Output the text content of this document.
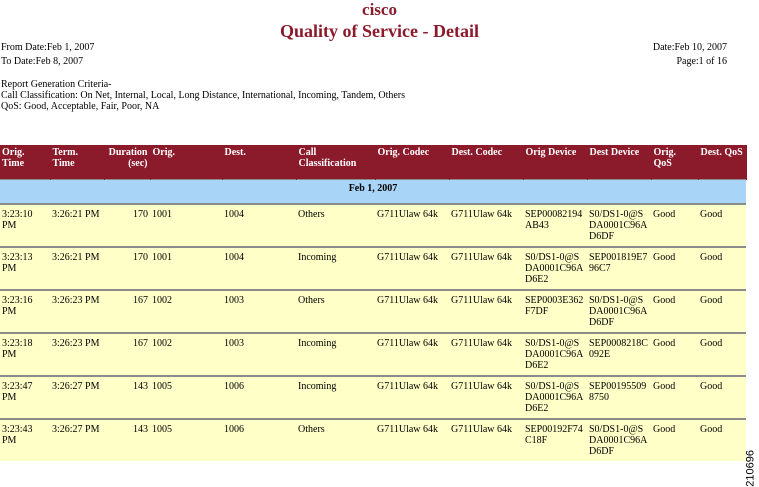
cisco
Quality of Service - Detail
From Date:Feb 1, 2007
To Date:Feb 8, 2007
Date:Feb 10, 2007
Page:1 of 16
Report Generation Criteria-
Call Classification: On Net, Internal, Local, Long Distance, International, Incoming, Tandem, Others
QoS: Good, Acceptable, Fair, Poor, NA
Orig. Time	Term. Time	Duration (sec)	Orig.	Dest.	Call Classification	Orig. Codec	Dest. Codec	Orig Device	Dest Device	Orig. QoS	Dest. QoS
Feb 1, 2007											
3:23:10 PM	3:26:21 PM	170	1001	1004	Others	G711Ulaw 64k	G711Ulaw 64k	SEP00082194AB43	S0/DS1-0@SDA0001C96AD6DF	Good	Good
3:23:13 PM	3:26:21 PM	170	1001	1004	Incoming	G711Ulaw 64k	G711Ulaw 64k	S0/DS1-0@SDA0001C96AD6E2	SEP001819E796C7	Good	Good
3:23:16 PM	3:26:23 PM	167	1002	1003	Others	G711Ulaw 64k	G711Ulaw 64k	SEP0003E362F7DF	S0/DS1-0@SDA0001C96AD6DF	Good	Good
3:23:18 PM	3:26:23 PM	167	1002	1003	Incoming	G711Ulaw 64k	G711Ulaw 64k	S0/DS1-0@SDA0001C96AD6E2	SEP0008218C092E	Good	Good
3:23:47 PM	3:26:27 PM	143	1005	1006	Incoming	G711Ulaw 64k	G711Ulaw 64k	S0/DS1-0@SDA0001C96AD6E2	SEP001955098750	Good	Good
3:23:43 PM	3:26:27 PM	143	1005	1006	Others	G711Ulaw 64k	G711Ulaw 64k	SEP00192F74C18F	S0/DS1-0@SDA0001C96AD6DF	Good	Good
210696
